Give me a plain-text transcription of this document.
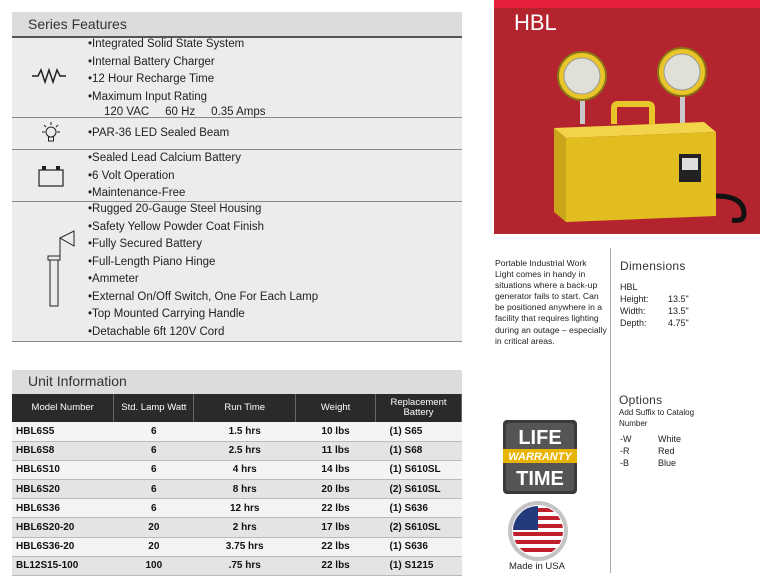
Series Features
• Integrated Solid State System
• Internal Battery Charger
• 12 Hour Recharge Time
• Maximum Input Rating
120 VAC     60 Hz     0.35 Amps
• PAR-36 LED Sealed Beam
• Sealed Lead Calcium Battery
• 6 Volt Operation
• Maintenance-Free
• Rugged 20-Gauge Steel Housing
• Safety Yellow Powder Coat Finish
• Fully Secured Battery
• Full-Length Piano Hinge
• Ammeter
• External On/Off Switch, One For Each Lamp
• Top Mounted Carrying Handle
• Detachable 6ft 120V Cord
Unit Information
Model Number	Std. Lamp Watt	Run Time	Weight	Replacement Battery
HBL6S5	6	1.5 hrs	10 lbs	(1) S65
HBL6S8	6	2.5 hrs	11 lbs	(1) S68
HBL6S10	6	4 hrs	14 lbs	(1) S610SL
HBL6S20	6	8 hrs	20 lbs	(2) S610SL
HBL6S36	6	12 hrs	22 lbs	(1) S636
HBL6S20-20	20	2 hrs	17 lbs	(2) S610SL
HBL6S36-20	20	3.75 hrs	22 lbs	(1) S636
BL12S15-100	100	.75 hrs	22 lbs	(1) S1215
HBL
Portable Industrial Work Light comes in handy in situations where a back-up generator fails to start. Can be positioned anywhere in a facility that requires lighting during an outage – especially in critical areas.
Dimensions
HBL
Height: 13.5"
Width: 13.5"
Depth: 4.75"
Options
Add Suffix to Catalog Number
-W	White
-R	Red
-B	Blue
LIFE
WARRANTY
TIME
Made in USA
